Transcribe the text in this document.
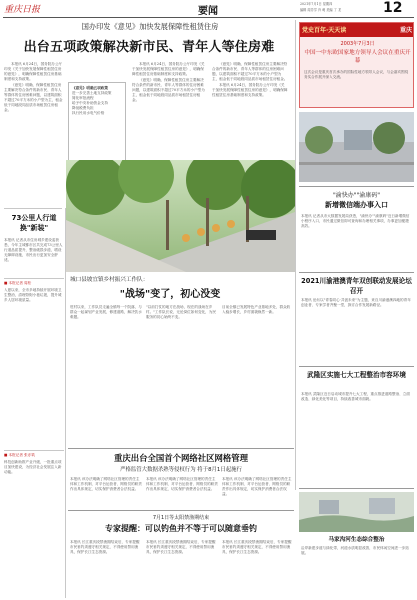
重庆日报	要闻
2021年7月1日 星期四
编辑 周芳学 肖 萌 美编 丁 龙	12
国办印发《意见》加快发展保障性租赁住房
出台五项政策解决新市民、青年人等住房难

本报讯 6月24日，国务院办公厅印发《关于加快发展保障性租赁住房的意见》，明确保障性租赁住房基础制度和支持政策。

《意见》明确，保障性租赁住房主要解决符合条件的新市民、青年人等群体的住房困难问题，以建筑面积不超过70平方米的小户型为主，租金低于同地段同品质市场租赁住房租金。

《意见》明确五项政策
进一步完善土地支持政策
简化审批流程
给予中央补助资金支持
降低税费负担
执行民用水电气价格

本报讯 6月24日，国务院办公厅印发《关于加快发展保障性租赁住房的意见》，明确保障性租赁住房基础制度和支持政策。

《意见》明确，保障性租赁住房主要解决符合条件的新市民、青年人等群体的住房困难问题，以建筑面积不超过70平方米的小户型为主，租金低于同地段同品质市场租赁住房租金。

《意见》明确，保障性租赁住房主要解决符合条件的新市民、青年人等群体的住房困难问题，以建筑面积不超过70平方米的小户型为主，租金低于同地段同品质市场租赁住房租金。

本报讯 6月24日，国务院办公厅印发《关于加快发展保障性租赁住房的意见》，明确保障性租赁住房基础制度和支持政策。

党史百年·天天读	重庆
2003年7月3日
中国一中东欧国家地方领导人会议在重庆开幕
这次会议是重庆首次承办的国际性地方领导人会议，与会嘉宾围绕务实合作展开深入交流。
73公里人行道换"新装"
本报讯 记者从市住房城乡建设委获悉，今年主城都市区共完成73公里人行道品质提升，整治破损步道，增设无障碍设施，市民出行更加安全舒适。
■ 本报记者 周松
入夏以来，全市多地持续开展环境卫生整治，清理背街小巷垃圾，提升城乡人居环境质量。
■ 本报记者 张亦筑
科技创新助推产业升级，一批重点项目加快建设，为经济社会发展注入新动能。
城口县坡宜镇乡村振兴工作队：
"战场"变了，初心没变
驻村以来，工作队员走遍全镇每一个院落，与群众一起谋划产业发展，修建道路，解决饮水难题。
"以前打仗的地方在战场，现在的战场在乡村。"工作队长说，无论岗位如何变化，为民服务的初心始终不变。
目前全镇已发展特色产业基地多处，群众收入稳步增长，乡村面貌焕然一新。
"渝快办""渝康码"
新增微信端办事入口
本报讯 记者从市大数据发展局获悉，"渝快办""渝康码"近日新增微信小程序入口，市民通过微信即可查询和办理相关事项，办事更加便捷高效。
2021川渝港澳青年双创联动发展论坛召开
本报讯 论坛以"青春同心·共创未来"为主题，来自川渝港澳四地的青年创业者、专家学者齐聚一堂，探讨合作发展新路径。
武隆区实施七大工程整治市容环境
本报讯 武隆区近日启动城市提升七大工程，重点推进道路整治、立面改造、绿化美化等项目，持续改善城市面貌。
重庆出台全国首个网络社区网格管理
严格监管大数据杀熟等侵权行为 将于8月1日起施行
本报讯 该办法明确了网络社区管理的责任主体和工作机制，对平台运营者、网格员的职责作出具体规定，切实保护消费者合法权益。
本报讯 该办法明确了网络社区管理的责任主体和工作机制，对平台运营者、网格员的职责作出具体规定，切实保护消费者合法权益。
本报讯 该办法明确了网络社区管理的责任主体和工作机制，对平台运营者、网格员的职责作出具体规定，切实保护消费者合法权益。
7月1日等太阳禁渔期结束
专家提醒：可以钓鱼并不等于可以随意垂钓
本报讯 长江重庆段禁渔期结束后，专家提醒市民垂钓须遵守相关规定，不得使用禁用渔具，保护长江生态资源。
本报讯 长江重庆段禁渔期结束后，专家提醒市民垂钓须遵守相关规定，不得使用禁用渔具，保护长江生态资源。
本报讯 长江重庆段禁渔期结束后，专家提醒市民垂钓须遵守相关规定，不得使用禁用渔具，保护长江生态资源。
马家沟河生态综合整治
沿岸新建步道与绿化带，河道水质明显改善，市民休闲空间进一步拓展。
